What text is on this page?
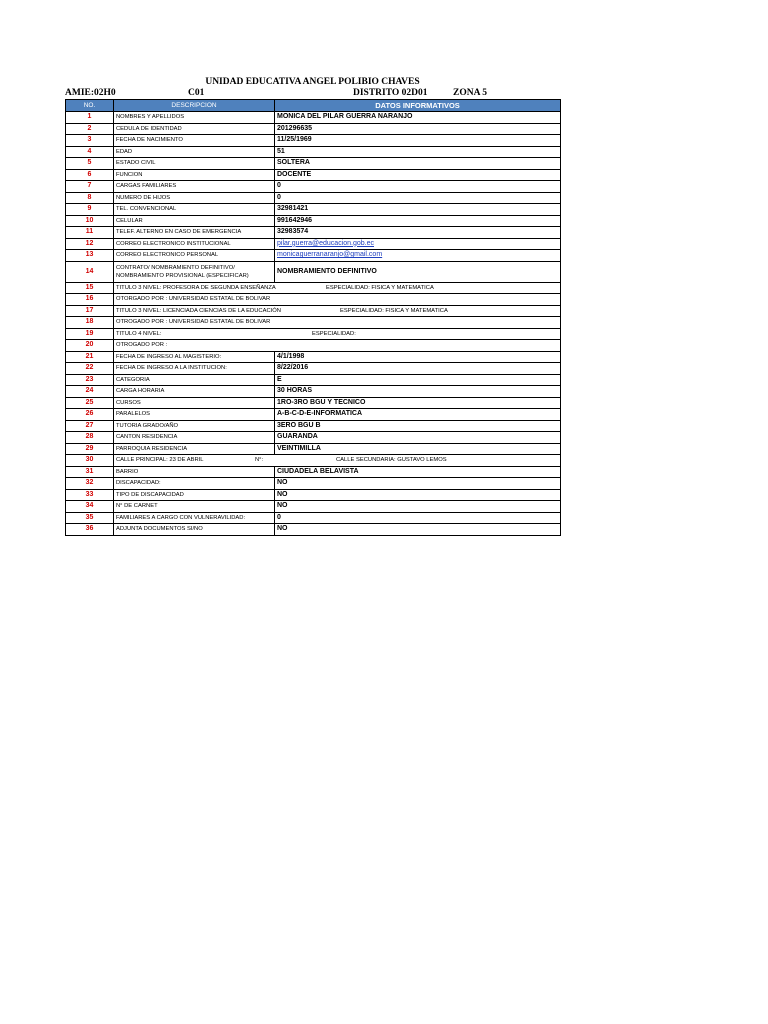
UNIDAD EDUCATIVA ANGEL POLIBIO CHAVES
AMIE:02H0	C01	DISTRITO 02D01	ZONA 5
NO.	DESCRIPCION	DATOS INFORMATIVOS
1	NOMBRES Y APELLIDOS	MONICA DEL PILAR GUERRA NARANJO
2	CEDULA DE IDENTIDAD	201296635
3	FECHA DE NACIMIENTO	11/25/1969
4	EDAD	51
5	ESTADO CIVIL	SOLTERA
6	FUNCION	DOCENTE
7	CARGAS FAMILIARES	0
8	NUMERO DE HIJOS	0
9	TEL. CONVENCIONAL	32981421
10	CELULAR	991642946
11	TELEF. ALTERNO EN CASO DE EMERGENCIA	32983574
12	CORREO ELECTRONICO INSTITUCIONAL	pilar.guerra@educacion.gob.ec
13	CORREO ELECTRONICO PERSONAL	monicaguerranaranjo@gmail.com
14	CONTRATO/ NOMBRAMIENTO DEFINITIVO/
NOMBRAMIENTO PROVISIONAL (ESPECIFICAR)	NOMBRAMIENTO DEFINITIVO
15	TITULO 3 NIVEL: PROFESORA DE SEGUNDA ENSEÑANZA ESPECIALIDAD: FISICA Y MATEMATICA	

16	OTORGADO POR : UNIVERSIDAD ESTATAL DE BOLIVAR	

17	TITULO 3 NIVEL: LICENCIADA CIENCIAS DE LA EDUCACIÓN ESPECIALIDAD: FISICA Y MATEMATICA	

18	OTROGADO POR : UNIVERSIDAD ESTATAL DE BOLIVAR	

19	TITULO 4 NIVEL: ESPECIALIDAD:	

20	OTROGADO POR :	

21	FECHA DE INGRESO AL MAGISTERIO:	4/1/1998
22	FECHA DE INGRESO A LA INSTITUCION:	8/22/2016
23	CATEGORIA	E
24	CARGA HORARIA	30 HORAS
25	CURSOS	1RO-3RO BGU Y TECNICO
26	PARALELOS	A-B-C-D-E-INFORMATICA
27	TUTORIA GRADO/AÑO	3ERO BGU B
28	CANTON RESIDENCIA	GUARANDA
29	PARROQUIA RESIDENCIA	VEINTIMILLA
30	CALLE PRINCIPAL: 23 DE ABRIL N°: CALLE SECUNDARIA: GUSTAVO LEMOS	

31	BARRIO	CIUDADELA BELAVISTA
32	DISCAPACIDAD:	NO
33	TIPO DE DISCAPACIDAD	NO
34	N° DE CARNET	NO
35	FAMILIARES A CARGO CON VULNERAVILIDAD:	0
36	ADJUNTA DOCUMENTOS SI/NO	NO
